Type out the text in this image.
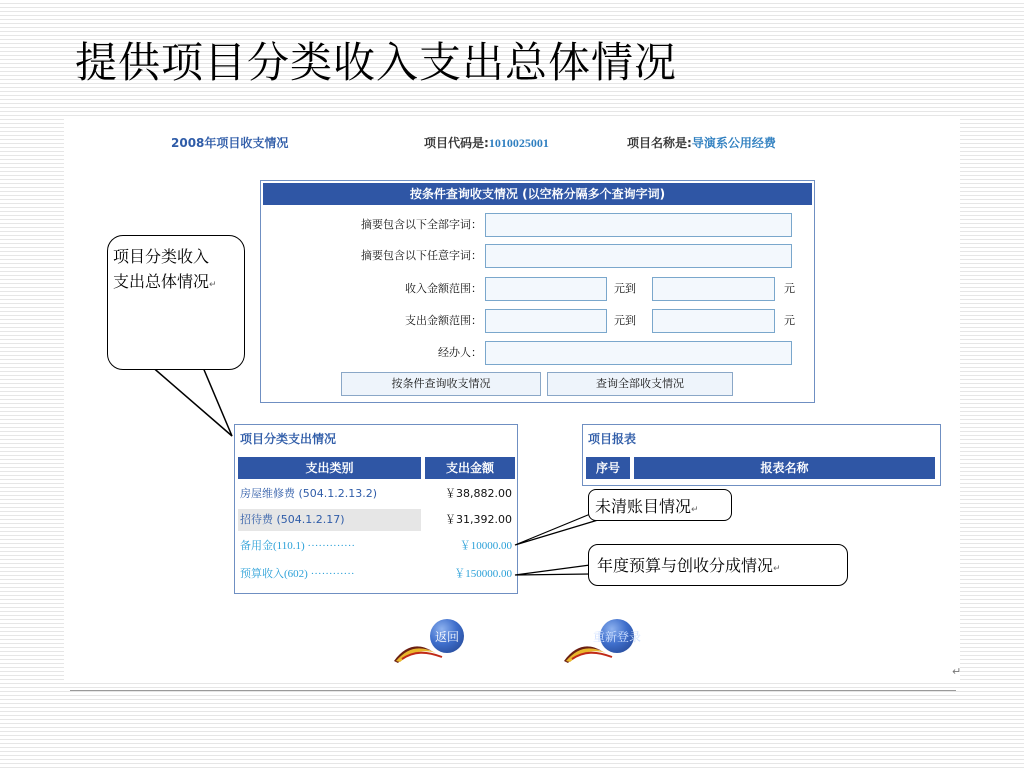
提供项目分类收入支出总体情况
2008年项目收支情况	项目代码是:1010025001	项目名称是:导演系公用经费
按条件查询收支情况 (以空格分隔多个查询字词)
摘要包含以下全部字词：
摘要包含以下任意字词：
收入金额范围：	元到	元
支出金额范围：	元到	元
经办人：
按条件查询收支情况	查询全部收支情况
项目分类支出情况
支出类别	支出金额
房屋维修费 (504.1.2.13.2)	￥38,882.00
招待费 (504.1.2.17)	￥31,392.00
备用金(110.1) ·············	￥10000.00
预算收入(602) ············	￥150000.00
项目报表
序号	报表名称
返回	重新登录
项目分类收入
支出总体情况↵
未清账目情况↵
年度预算与创收分成情况↵
↵
